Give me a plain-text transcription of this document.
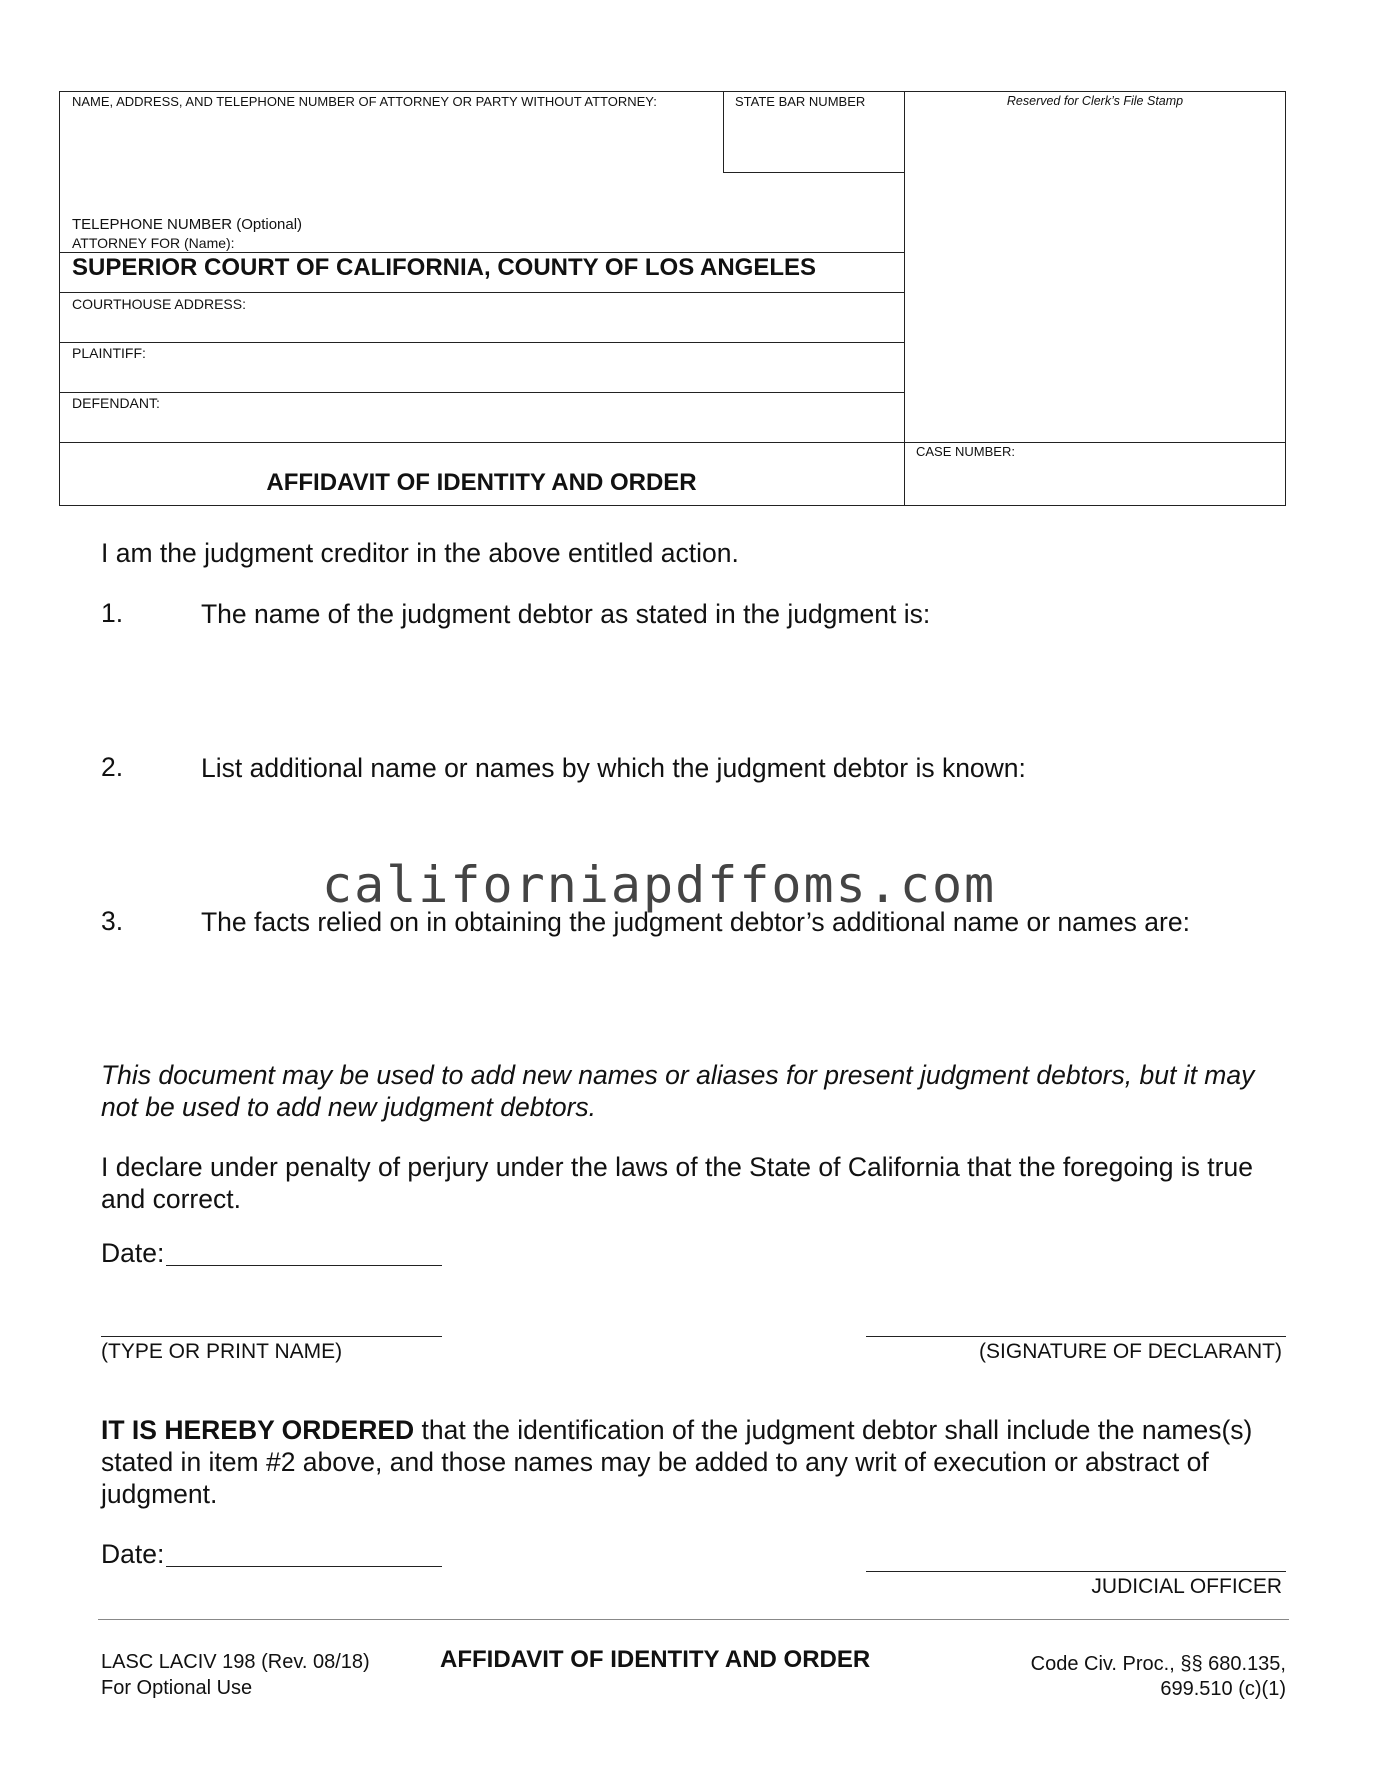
NAME, ADDRESS, AND TELEPHONE NUMBER OF ATTORNEY OR PARTY WITHOUT ATTORNEY:	STATE BAR NUMBER	Reserved for Clerk’s File Stamp
TELEPHONE NUMBER (Optional)
ATTORNEY FOR (Name):
SUPERIOR COURT OF CALIFORNIA, COUNTY OF LOS ANGELES
COURTHOUSE ADDRESS:
PLAINTIFF:
DEFENDANT:
CASE NUMBER:
AFFIDAVIT OF IDENTITY AND ORDER
I am the judgment creditor in the above entitled action.
1.	The name of the judgment debtor as stated in the judgment is:
2.	List additional name or names by which the judgment debtor is known:
californiapdffoms.com
3.	The facts relied on in obtaining the judgment debtor’s additional name or names are:
This document may be used to add new names or aliases for present judgment debtors, but it may not be used to add new judgment debtors.
I declare under penalty of perjury under the laws of the State of California that the foregoing is true and correct.
Date:
(TYPE OR PRINT NAME)	(SIGNATURE OF DECLARANT)
IT IS HEREBY ORDERED that the identification of the judgment debtor shall include the names(s) stated in item #2 above, and those names may be added to any writ of execution or abstract of judgment.
Date:
JUDICIAL OFFICER
LASC LACIV 198 (Rev. 08/18)
For Optional Use
AFFIDAVIT OF IDENTITY AND ORDER	Code Civ. Proc., §§ 680.135,
699.510 (c)(1)
